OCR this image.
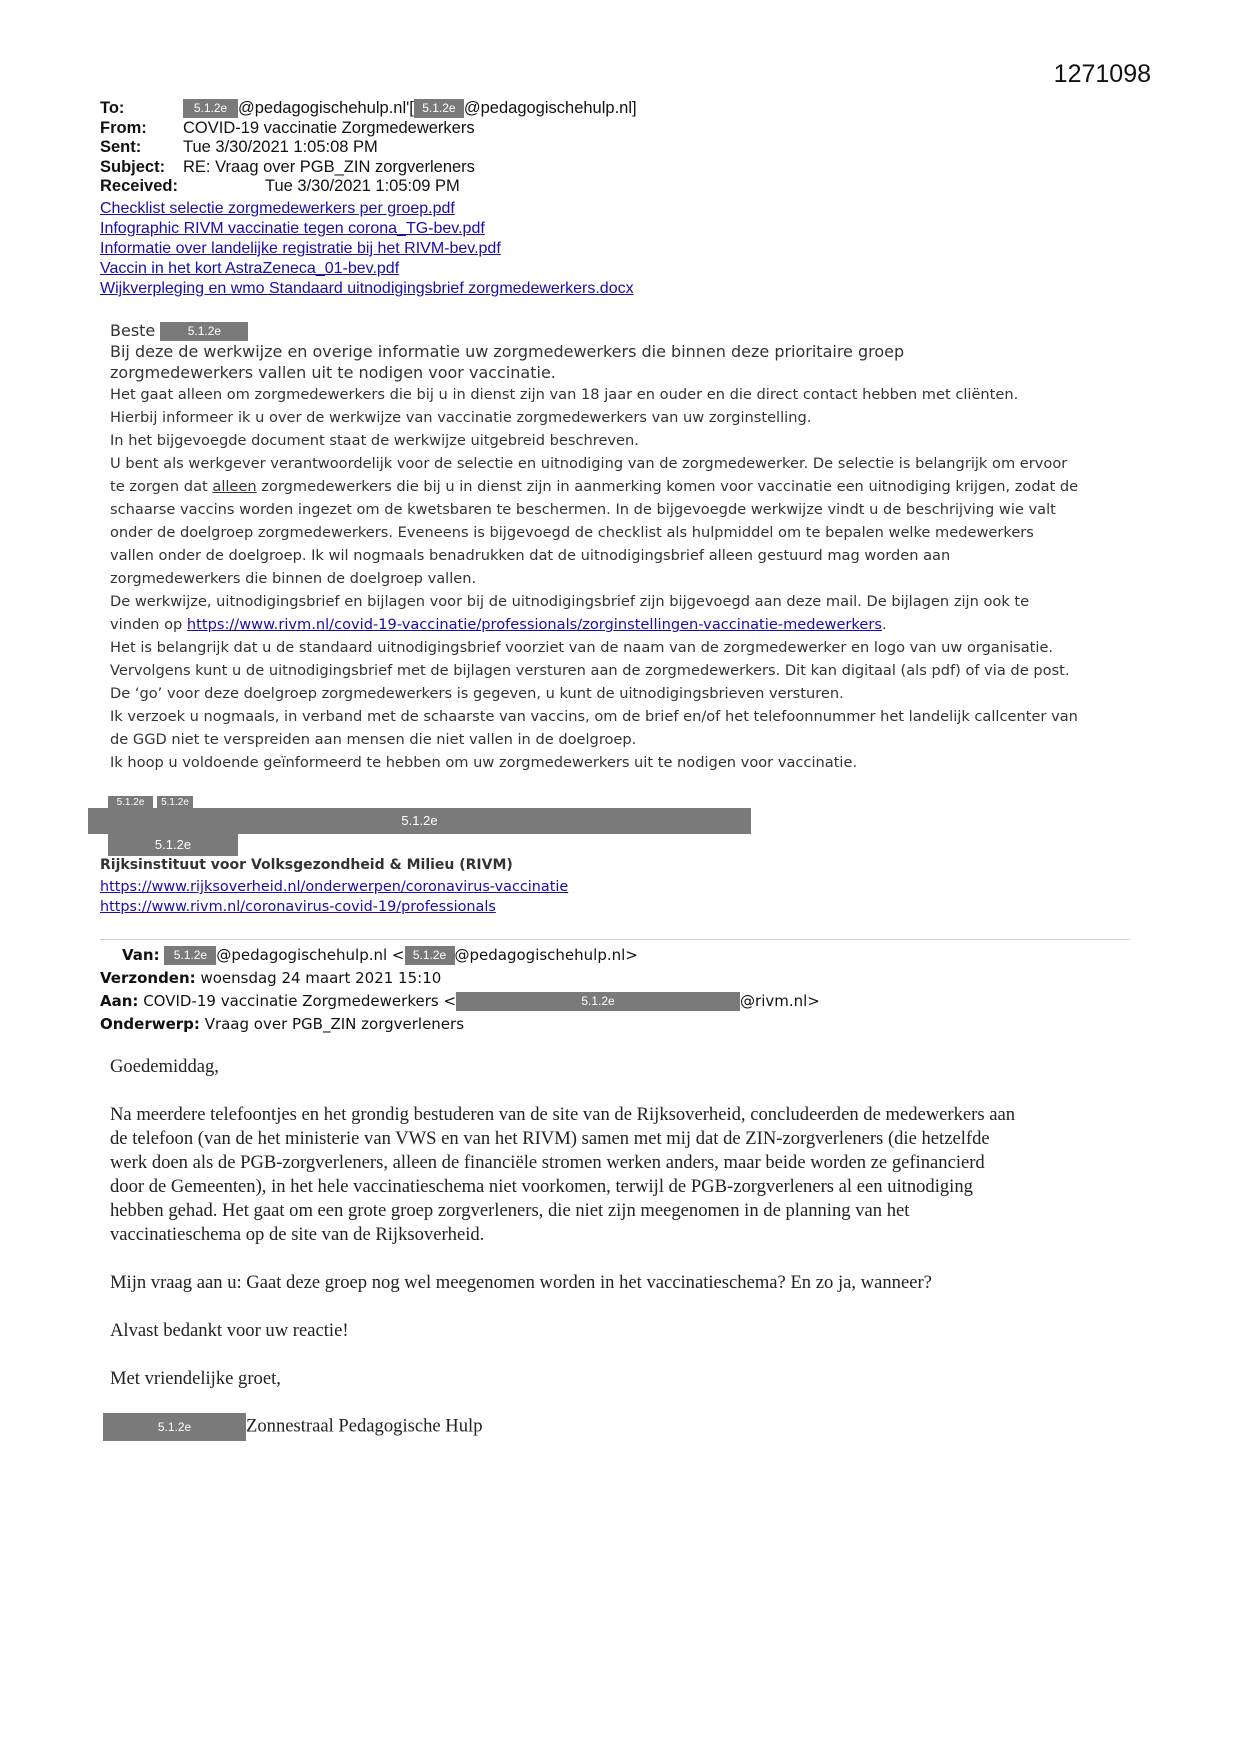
1271098
To:	5.1.2e @pedagogischehulp.nl'[ 5.1.2e @pedagogischehulp.nl]
From: COVID-19 vaccinatie Zorgmedewerkers
Sent:	Tue 3/30/2021 1:05:08 PM
Subject: RE: Vraag over PGB_ZIN zorgverleners
Received:	Tue 3/30/2021 1:05:09 PM
Checklist selectie zorgmedewerkers per groep.pdf
Infographic RIVM vaccinatie tegen corona_TG-bev.pdf
Informatie over landelijke registratie bij het RIVM-bev.pdf
Vaccin in het kort AstraZeneca_01-bev.pdf
Wijkverpleging en wmo Standaard uitnodigingsbrief zorgmedewerkers.docx
Beste	5.1.2e
Bij deze de werkwijze en overige informatie uw zorgmedewerkers die binnen deze prioritaire groep
zorgmedewerkers vallen uit te nodigen voor vaccinatie.
Het gaat alleen om zorgmedewerkers die bij u in dienst zijn van 18 jaar en ouder en die direct contact hebben met cliënten.
Hierbij informeer ik u over de werkwijze van vaccinatie zorgmedewerkers van uw zorginstelling.
In het bijgevoegde document staat de werkwijze uitgebreid beschreven.
U bent als werkgever verantwoordelijk voor de selectie en uitnodiging van de zorgmedewerker. De selectie is belangrijk om ervoor
te zorgen dat alleen zorgmedewerkers die bij u in dienst zijn in aanmerking komen voor vaccinatie een uitnodiging krijgen, zodat de
schaarse vaccins worden ingezet om de kwetsbaren te beschermen. In de bijgevoegde werkwijze vindt u de beschrijving wie valt
onder de doelgroep zorgmedewerkers. Eveneens is bijgevoegd de checklist als hulpmiddel om te bepalen welke medewerkers
vallen onder de doelgroep. Ik wil nogmaals benadrukken dat de uitnodigingsbrief alleen gestuurd mag worden aan
zorgmedewerkers die binnen de doelgroep vallen.
De werkwijze, uitnodigingsbrief en bijlagen voor bij de uitnodigingsbrief zijn bijgevoegd aan deze mail. De bijlagen zijn ook te
vinden op https://www.rivm.nl/covid-19-vaccinatie/professionals/zorginstellingen-vaccinatie-medewerkers.
Het is belangrijk dat u de standaard uitnodigingsbrief voorziet van de naam van de zorgmedewerker en logo van uw organisatie.
Vervolgens kunt u de uitnodigingsbrief met de bijlagen versturen aan de zorgmedewerkers. Dit kan digitaal (als pdf) of via de post.
De ‘go’ voor deze doelgroep zorgmedewerkers is gegeven, u kunt de uitnodigingsbrieven versturen.
Ik verzoek u nogmaals, in verband met de schaarste van vaccins, om de brief en/of het telefoonnummer het landelijk callcenter van
de GGD niet te verspreiden aan mensen die niet vallen in de doelgroep.
Ik hoop u voldoende geïnformeerd te hebben om uw zorgmedewerkers uit te nodigen voor vaccinatie.
5.1.2e	5.1.2e
5.1.2e
5.1.2e
Rijksinstituut voor Volksgezondheid & Milieu (RIVM)
https://www.rijksoverheid.nl/onderwerpen/coronavirus-vaccinatie
https://www.rivm.nl/coronavirus-covid-19/professionals
Van: 5.1.2e @pedagogischehulp.nl < 5.1.2e @pedagogischehulp.nl>
Verzonden: woensdag 24 maart 2021 15:10
Aan: COVID-19 vaccinatie Zorgmedewerkers <	5.1.2e	@rivm.nl>
Onderwerp: Vraag over PGB_ZIN zorgverleners

Goedemiddag,

Na meerdere telefoontjes en het grondig bestuderen van de site van de Rijksoverheid, concludeerden de medewerkers aan
de telefoon (van de het ministerie van VWS en van het RIVM) samen met mij dat de ZIN-zorgverleners (die hetzelfde
werk doen als de PGB-zorgverleners, alleen de financiële stromen werken anders, maar beide worden ze gefinancierd
door de Gemeenten), in het hele vaccinatieschema niet voorkomen, terwijl de PGB-zorgverleners al een uitnodiging
hebben gehad. Het gaat om een grote groep zorgverleners, die niet zijn meegenomen in de planning van het
vaccinatieschema op de site van de Rijksoverheid.

Mijn vraag aan u: Gaat deze groep nog wel meegenomen worden in het vaccinatieschema? En zo ja, wanneer?

Alvast bedankt voor uw reactie!

Met vriendelijke groet,

5.1.2e	Zonnestraal Pedagogische Hulp
